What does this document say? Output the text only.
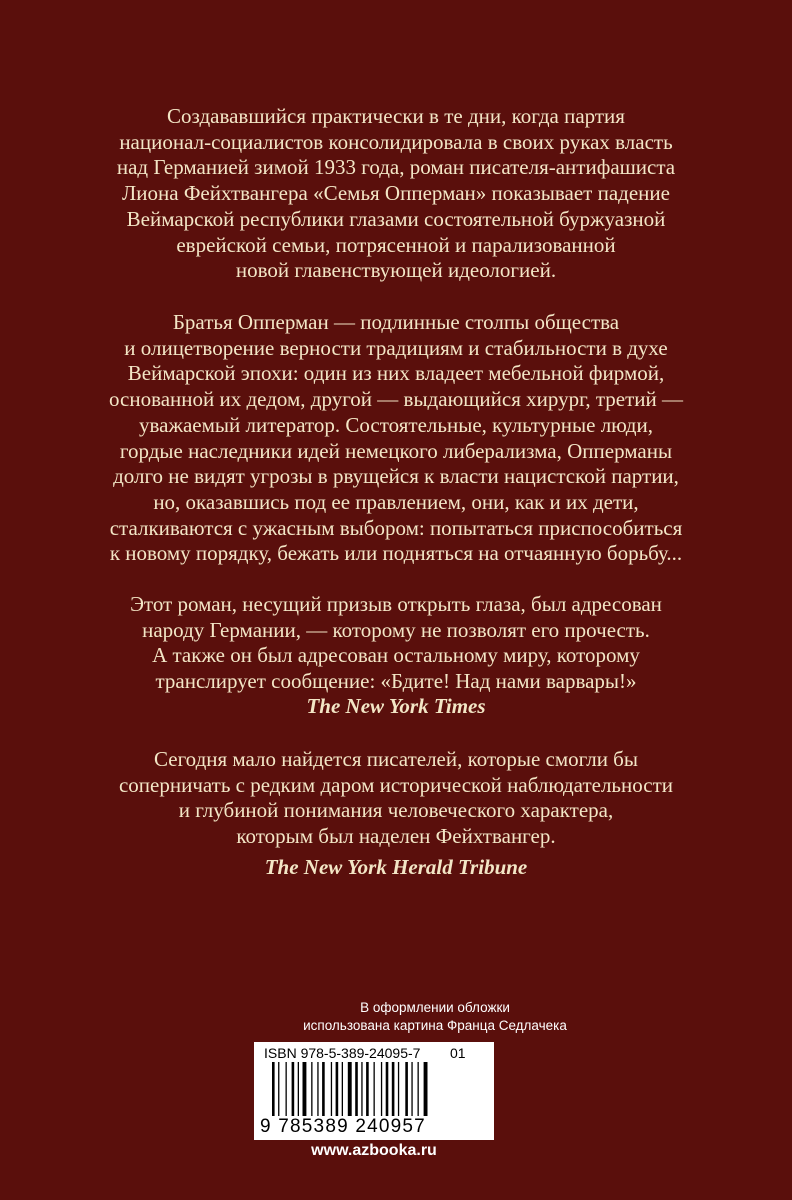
Создававшийся практически в те дни, когда партия
национал-социалистов консолидировала в своих руках власть
над Германией зимой 1933 года, роман писателя-антифашиста
Лиона Фейхтвангера «Семья Опперман» показывает падение
Веймарской республики глазами состоятельной буржуазной
еврейской семьи, потрясенной и парализованной
новой главенствующей идеологией.

Братья Опперман — подлинные столпы общества
и олицетворение верности традициям и стабильности в духе
Веймарской эпохи: один из них владеет мебельной фирмой,
основанной их дедом, другой — выдающийся хирург, третий —
уважаемый литератор. Состоятельные, культурные люди,
гордые наследники идей немецкого либерализма, Опперманы
долго не видят угрозы в рвущейся к власти нацистской партии,
но, оказавшись под ее правлением, они, как и их дети,
сталкиваются с ужасным выбором: попытаться приспособиться
к новому порядку, бежать или подняться на отчаянную борьбу...

Этот роман, несущий призыв открыть глаза, был адресован
народу Германии, — которому не позволят его прочесть.
А также он был адресован остальному миру, которому
транслирует сообщение: «Бдите! Над нами варвары!»

The New York Times

Сегодня мало найдется писателей, которые смогли бы
соперничать с редким даром исторической наблюдательности
и глубиной понимания человеческого характера,
которым был наделен Фейхтвангер.

The New York Herald Tribune

В оформлении обложки
использована картина Франца Седлачека

ISBN 978-5-389-24095-7 01
9 785389 240957

www.azbooka.ru
